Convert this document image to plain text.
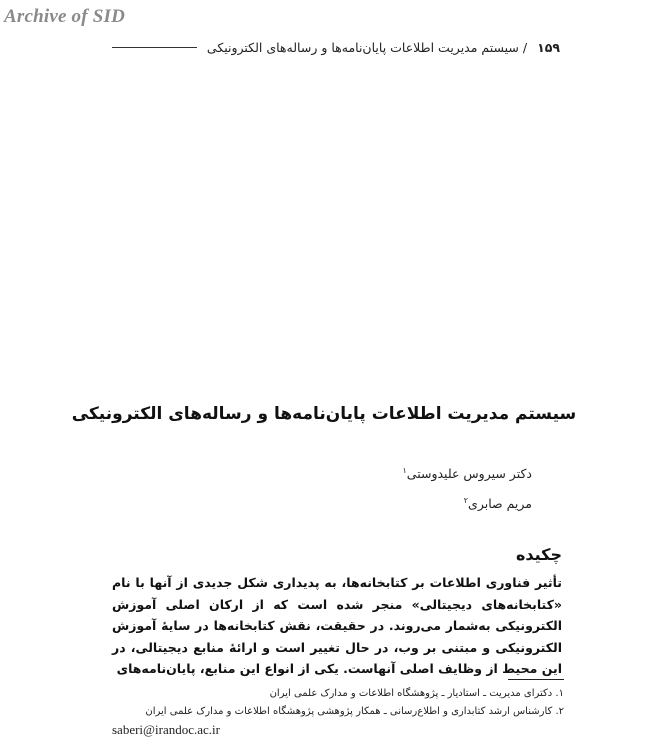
Archive of SID
۱۵۹
/
سیستم مدیریت اطلاعات پایان‌نامه‌ها و رساله‌های الکترونیکی
سیستم مدیریت اطلاعات پایان‌نامه‌ها و رساله‌های الکترونیکی
دکتر سیروس علیدوستی$^۱$
مریم صابری$^۲$
چکیده
تأثیر فناوری اطلاعات بر کتابخانه‌ها، به پدیداری شکل جدیدی از آنها با نام «کتابخانه‌های دیجیتالی» منجر شده است که از ارکان اصلی آموزش الکترونیکی به‌شمار می‌روند. در حقیقت، نقش کتابخانه‌ها در سایهٔ آموزش الکترونیکی و مبتنی بر وب، در حال تغییر است و ارائهٔ منابع دیجیتالی، در این محیط از وظایف اصلی آنهاست. یکی از انواع این منابع، پایان‌نامه‌های
۱. دکترای مدیریت ـ استادیار ـ پژوهشگاه اطلاعات و مدارک علمی ایران
۲. کارشناس ارشد کتابداری و اطلاع‌رسانی ـ همکار پژوهشی پژوهشگاه اطلاعات و مدارک علمی ایران
saberi@irandoc.ac.ir
